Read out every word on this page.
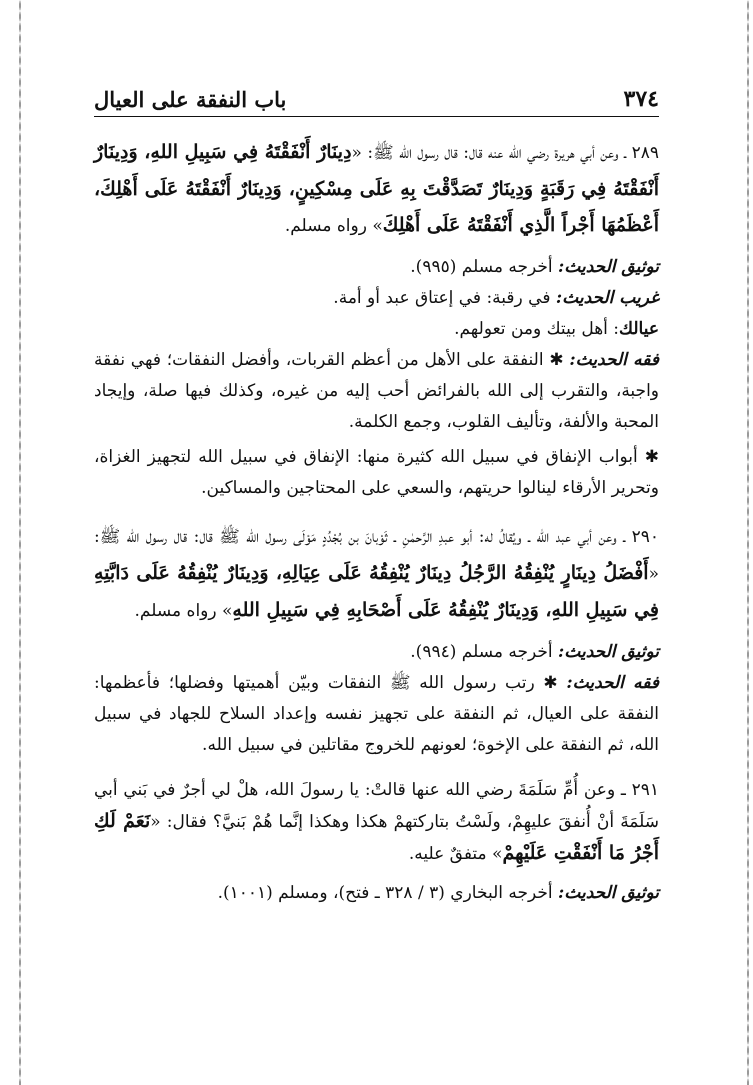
٣٧٤
باب النفقة على العيال

٢٨٩ ـ وعن أبي هريرة رضي الله عنه قال: قال رسول الله ﷺ: «دِينَارٌ أَنْفَقْتَهُ فِي سَبِيلِ اللهِ، وَدِينَارٌ أَنْفَقْتَهُ فِي رَقَبَةٍ وَدِينَارٌ تَصَدَّقْتَ بِهِ عَلَى مِسْكِينٍ، وَدِينَارٌ أَنْفَقْتَهُ عَلَى أَهْلِكَ، أَعْظَمُهَا أَجْراً الَّذِي أَنْفَقْتَهُ عَلَى أَهْلِكَ» رواه مسلم.

توثيق الحديث: أخرجه مسلم (٩٩٥).

غريب الحديث: في رقبة: في إعتاق عبد أو أمة.

عيالك: أهل بيتك ومن تعولهم.

فقه الحديث: ✱ النفقة على الأهل من أعظم القربات، وأفضل النفقات؛ فهي نفقة واجبة، والتقرب إلى الله بالفرائض أحب إليه من غيره، وكذلك فيها صلة، وإيجاد المحبة والألفة، وتأليف القلوب، وجمع الكلمة.

✱ أبواب الإنفاق في سبيل الله كثيرة منها: الإنفاق في سبيل الله لتجهيز الغزاة، وتحرير الأرقاء لينالوا حريتهم، والسعي على المحتاجين والمساكين.

٢٩٠ ـ وعن أبي عبد الله ـ ويُقالُ له: أبو عبدِ الرَّحمٰنِ ـ ثَوْبانَ بن بُجْدُدٍ مَوْلَى رسول الله ﷺ قال: قال رسول الله ﷺ: «أَفْضَلُ دِينَارٍ يُنْفِقُهُ الرَّجُلُ دِينَارٌ يُنْفِقُهُ عَلَى عِيَالِهِ، وَدِينَارٌ يُنْفِقُهُ عَلَى دَابَّتِهِ فِي سَبِيلِ اللهِ، وَدِينَارٌ يُنْفِقُهُ عَلَى أَصْحَابِهِ فِي سَبِيلِ اللهِ» رواه مسلم.

توثيق الحديث: أخرجه مسلم (٩٩٤).

فقه الحديث: ✱ رتب رسول الله ﷺ النفقات وبيّن أهميتها وفضلها؛ فأعظمها: النفقة على العيال، ثم النفقة على تجهيز نفسه وإعداد السلاح للجهاد في سبيل الله، ثم النفقة على الإخوة؛ لعونهم للخروج مقاتلين في سبيل الله.

٢٩١ ـ وعن أُمِّ سَلَمَةَ رضي الله عنها قالتْ: يا رسولَ الله، هلْ لي أجرٌ في بَني أبي سَلَمَةَ أنْ أُنفقَ عليهِمْ، ولَسْتُ بتاركتهمْ هكذا وهكذا إنَّما هُمْ بَنيَّ؟ فقال: «نَعَمْ لَكِ أَجْرُ مَا أَنْفَقْتِ عَلَيْهِمْ» متفقٌ عليه.

توثيق الحديث: أخرجه البخاري (٣ / ٣٢٨ ـ فتح)، ومسلم (١٠٠١).
